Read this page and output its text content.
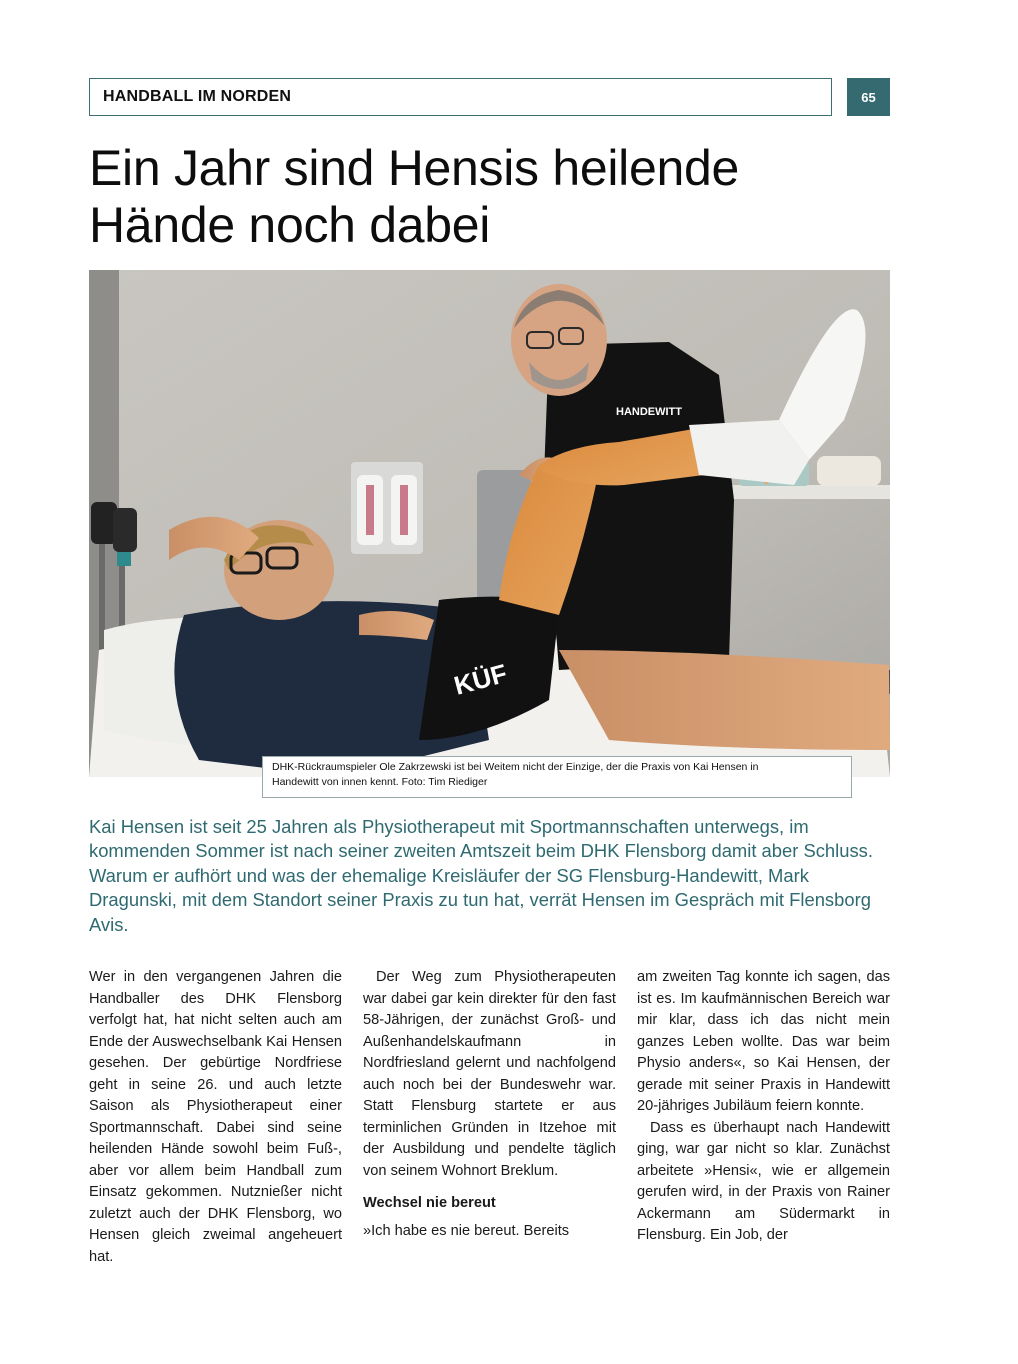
HANDBALL IM NORDEN	65
Ein Jahr sind Hensis heilende
Hände noch dabei
HANDEWITT
KÜF
DHK-Rückraumspieler Ole Zakrzewski ist bei Weitem nicht der Einzige, der die Praxis von Kai Hensen in
Handewitt von innen kennt. Foto: Tim Riediger

Kai Hensen ist seit 25 Jahren als Physiotherapeut mit Sportmannschaften unterwegs, im kommenden Sommer ist nach seiner zweiten Amtszeit beim DHK Flensborg damit aber Schluss. Warum er aufhört und was der ehemalige Kreisläufer der SG Flensburg-Handewitt, Mark Dragunski, mit dem Standort seiner Praxis zu tun hat, verrät Hensen im Gespräch mit Flensborg Avis.

Wer in den vergangenen Jahren die Handballer des DHK Flensborg verfolgt hat, hat nicht selten auch am Ende der Auswechselbank Kai Hensen gesehen. Der gebürtige Nordfriese geht in seine 26. und auch letzte Saison als Physiotherapeut einer Sportmannschaft. Dabei sind seine heilenden Hände sowohl beim Fuß-, aber vor allem beim Handball zum Einsatz gekommen. Nutznießer nicht zuletzt auch der DHK Flensborg, wo Hensen gleich zweimal angeheuert hat.

Der Weg zum Physiotherapeuten war dabei gar kein direkter für den fast 58-Jährigen, der zunächst Groß- und Außenhandelskaufmann in Nordfriesland gelernt und nachfolgend auch noch bei der Bundeswehr war. Statt Flensburg startete er aus terminlichen Gründen in Itzehoe mit der Ausbildung und pendelte täglich von seinem Wohnort Breklum.

Wechsel nie bereut

»Ich habe es nie bereut. Bereits

am zweiten Tag konnte ich sagen, das ist es. Im kaufmännischen Bereich war mir klar, dass ich das nicht mein ganzes Leben wollte. Das war beim Physio anders«, so Kai Hensen, der gerade mit seiner Praxis in Handewitt 20-jähriges Jubiläum feiern konnte.

Dass es überhaupt nach Handewitt ging, war gar nicht so klar. Zunächst arbeitete »Hensi«, wie er allgemein gerufen wird, in der Praxis von Rainer Ackermann am Südermarkt in Flensburg. Ein Job, der
